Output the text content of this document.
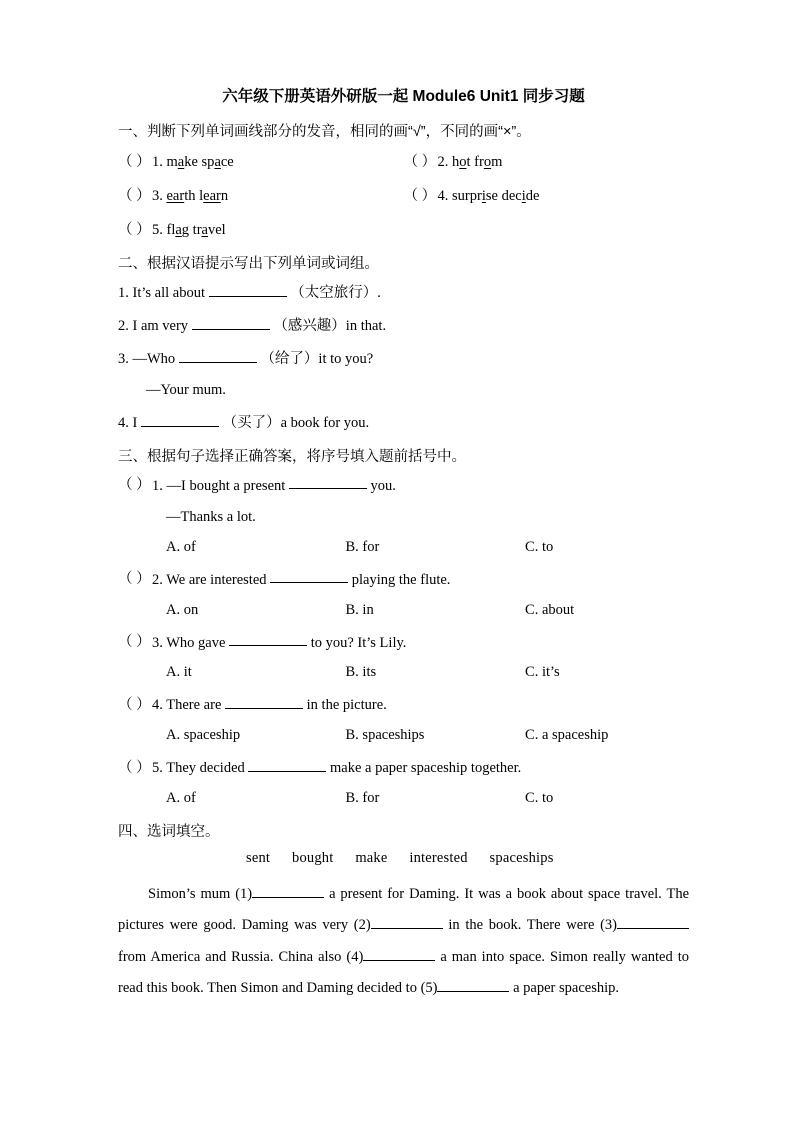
六年级下册英语外研版一起 Module6 Unit1 同步习题
一、判断下列单词画线部分的发音，相同的画“√”，不同的画“×”。
（ ）1. make space	（ ）2. hot from
（ ）3. earth learn	（ ）4. surprise decide
（ ）5. flag travel
二、根据汉语提示写出下列单词或词组。
1. It’s all about	（太空旅行）.
2. I am very	（感兴趣）in that.
3. —Who	（给了）it to you?
—Your mum.
4. I	（买了）a book for you.
三、根据句子选择正确答案，将序号填入题前括号中。
（ ）1. —I bought a present	you.
—Thanks a lot.
A. of	B. for	C. to
（ ）2. We are interested	playing the flute.
A. on	B. in	C. about
（ ）3. Who gave	to you? It’s Lily.
A. it	B. its	C. it’s
（ ）4. There are	in the picture.
A. spaceship	B. spaceships	C. a spaceship
（ ）5. They decided	make a paper spaceship together.
A. of	B. for	C. to
四、选词填空。
sent bought make interested spaceships
Simon’s mum (1)	a present for Daming. It was a book about space travel. The pictures were good. Daming was very (2)	in the book. There were (3) from America and Russia. China also (4)	a man into space. Simon really wanted to read this book. Then Simon and Daming decided to (5)	a paper spaceship.
